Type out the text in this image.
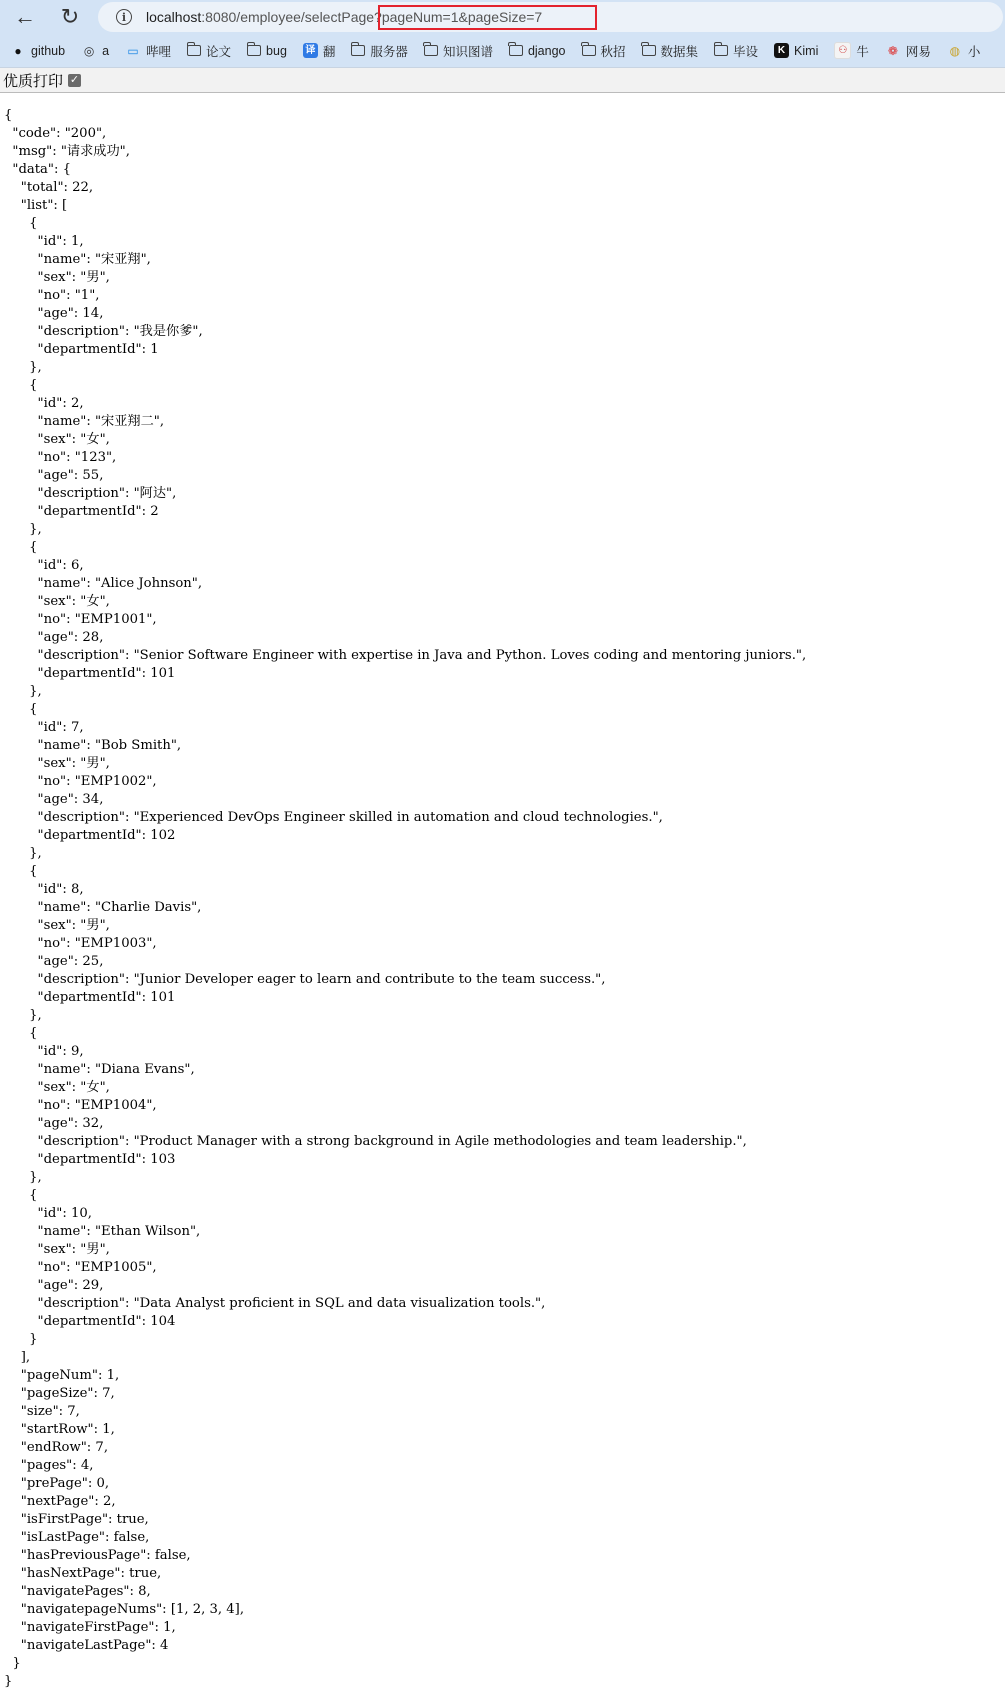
← ↻	i	localhost:8080/employee/selectPage?pageNum=1&pageSize=7
● github ◎ a ▭ 哔哩	论文	bug 译 翻	服务器	知识图谱	django	秋招	数据集	毕设	K Kimi	⚇ 牛 ❁ 网易 ◍ 小
优质打印 ✓
{
"code": "200",
"msg": "请求成功",
"data": {
"total": 22,
"list": [
{
"id": 1,
"name": "宋亚翔",
"sex": "男",
"no": "1",
"age": 14,
"description": "我是你爹",
"departmentId": 1
},
{
"id": 2,
"name": "宋亚翔二",
"sex": "女",
"no": "123",
"age": 55,
"description": "阿达",
"departmentId": 2
},
{
"id": 6,
"name": "Alice Johnson",
"sex": "女",
"no": "EMP1001",
"age": 28,
"description": "Senior Software Engineer with expertise in Java and Python. Loves coding and mentoring juniors.",
"departmentId": 101
},
{
"id": 7,
"name": "Bob Smith",
"sex": "男",
"no": "EMP1002",
"age": 34,
"description": "Experienced DevOps Engineer skilled in automation and cloud technologies.",
"departmentId": 102
},
{
"id": 8,
"name": "Charlie Davis",
"sex": "男",
"no": "EMP1003",
"age": 25,
"description": "Junior Developer eager to learn and contribute to the team success.",
"departmentId": 101
},
{
"id": 9,
"name": "Diana Evans",
"sex": "女",
"no": "EMP1004",
"age": 32,
"description": "Product Manager with a strong background in Agile methodologies and team leadership.",
"departmentId": 103
},
{
"id": 10,
"name": "Ethan Wilson",
"sex": "男",
"no": "EMP1005",
"age": 29,
"description": "Data Analyst proficient in SQL and data visualization tools.",
"departmentId": 104
}
],
"pageNum": 1,
"pageSize": 7,
"size": 7,
"startRow": 1,
"endRow": 7,
"pages": 4,
"prePage": 0,
"nextPage": 2,
"isFirstPage": true,
"isLastPage": false,
"hasPreviousPage": false,
"hasNextPage": true,
"navigatePages": 8,
"navigatepageNums": [1, 2, 3, 4],
"navigateFirstPage": 1,
"navigateLastPage": 4
}
}
